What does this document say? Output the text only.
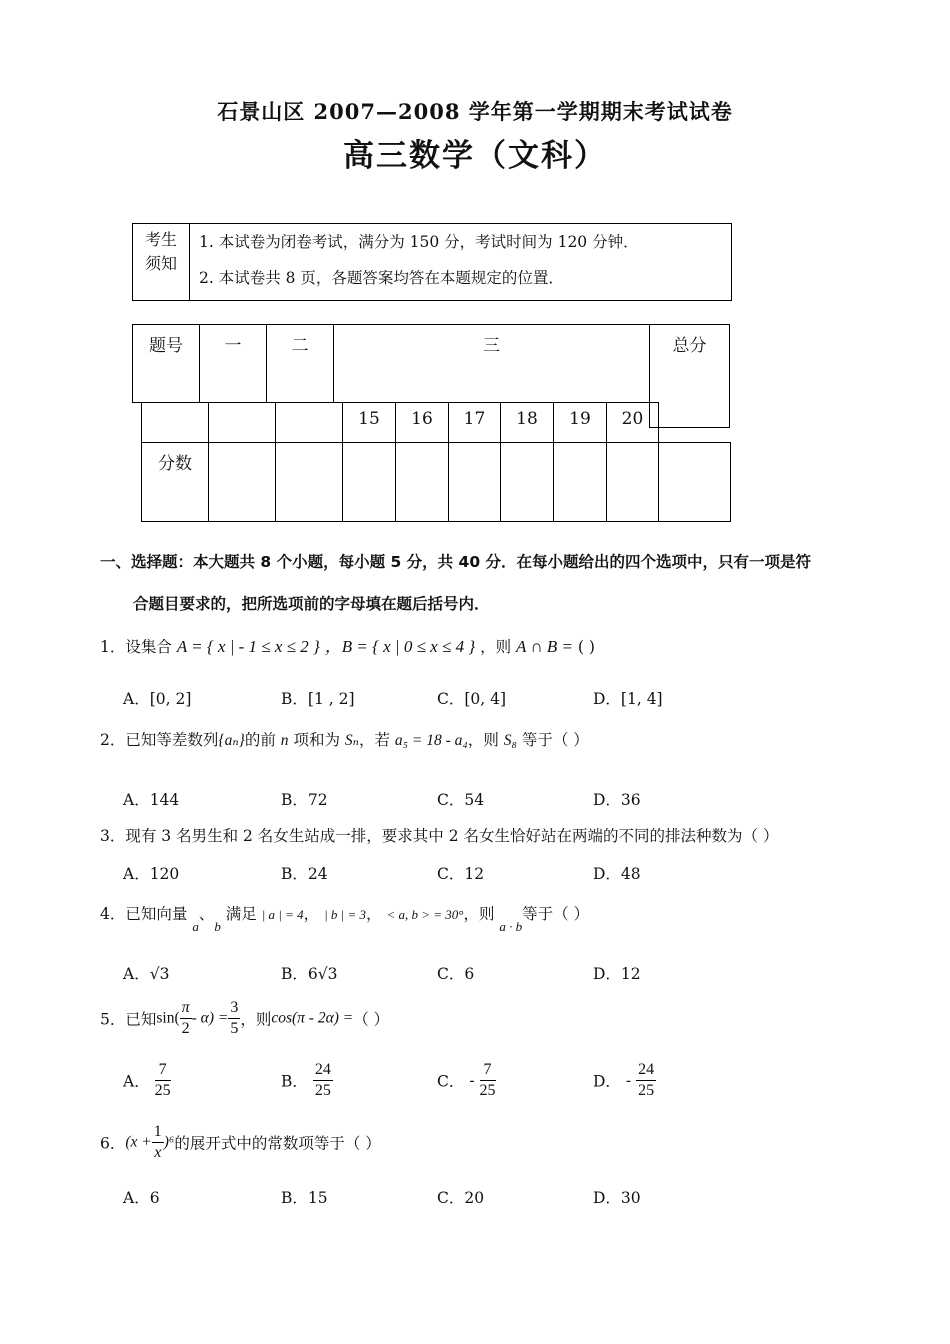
石景山区 2007—2008 学年第一学期期末考试试卷
高三数学（文科）
考生
须知
1. 本试卷为闭卷考试，满分为 150 分，考试时间为 120 分钟．
2. 本试卷共 8 页，各题答案均答在本题规定的位置．
题号	一	二	三	总分
15	16	17	18	19	20
分数
一、选择题：本大题共 8 个小题，每小题 5 分，共 40 分．在每小题给出的四个选项中，只有一项是符
合题目要求的，把所选项前的字母填在题后括号内．
1．设集合 A = { x | - 1 ≤ x ≤ 2 } ，B = { x | 0 ≤ x ≤ 4 } ，则 A ∩ B = ( )
A．[0, 2]	B．[1 , 2]	C．[0, 4]	D．[1, 4]
2．已知等差数列{aₙ}的前 n 项和为 Sₙ，若 a₅ = 18 - a₄，则 S₈ 等于（ ）
A．144	B．72	C．54	D．36
3．现有 3 名男生和 2 名女生站成一排，要求其中 2 名女生恰好站在两端的不同的排法种数为（ ）
A．120	B．24	C．12	D．48
4．已知向量 $_a$、$_b$ 满足 | a | = 4， | b | = 3， < a, b > = 30°，则 $_{a \cdot b}$等于（ ）
A．√3	B．6√3	C．6	D．12
5．已知$\sin( \frac{\pi}{2} - \alpha) = \frac{3}{5}$ ，则cos(π - 2α) =（ ）
A． $\frac{7}{25}$	B． $\frac{24}{25}$	C． - $\frac{7}{25}$	D． - $\frac{24}{25}$
6．$(x + \frac{1}{x} )^6$的展开式中的常数项等于（ ）
A．6	B．15	C．20	D．30
